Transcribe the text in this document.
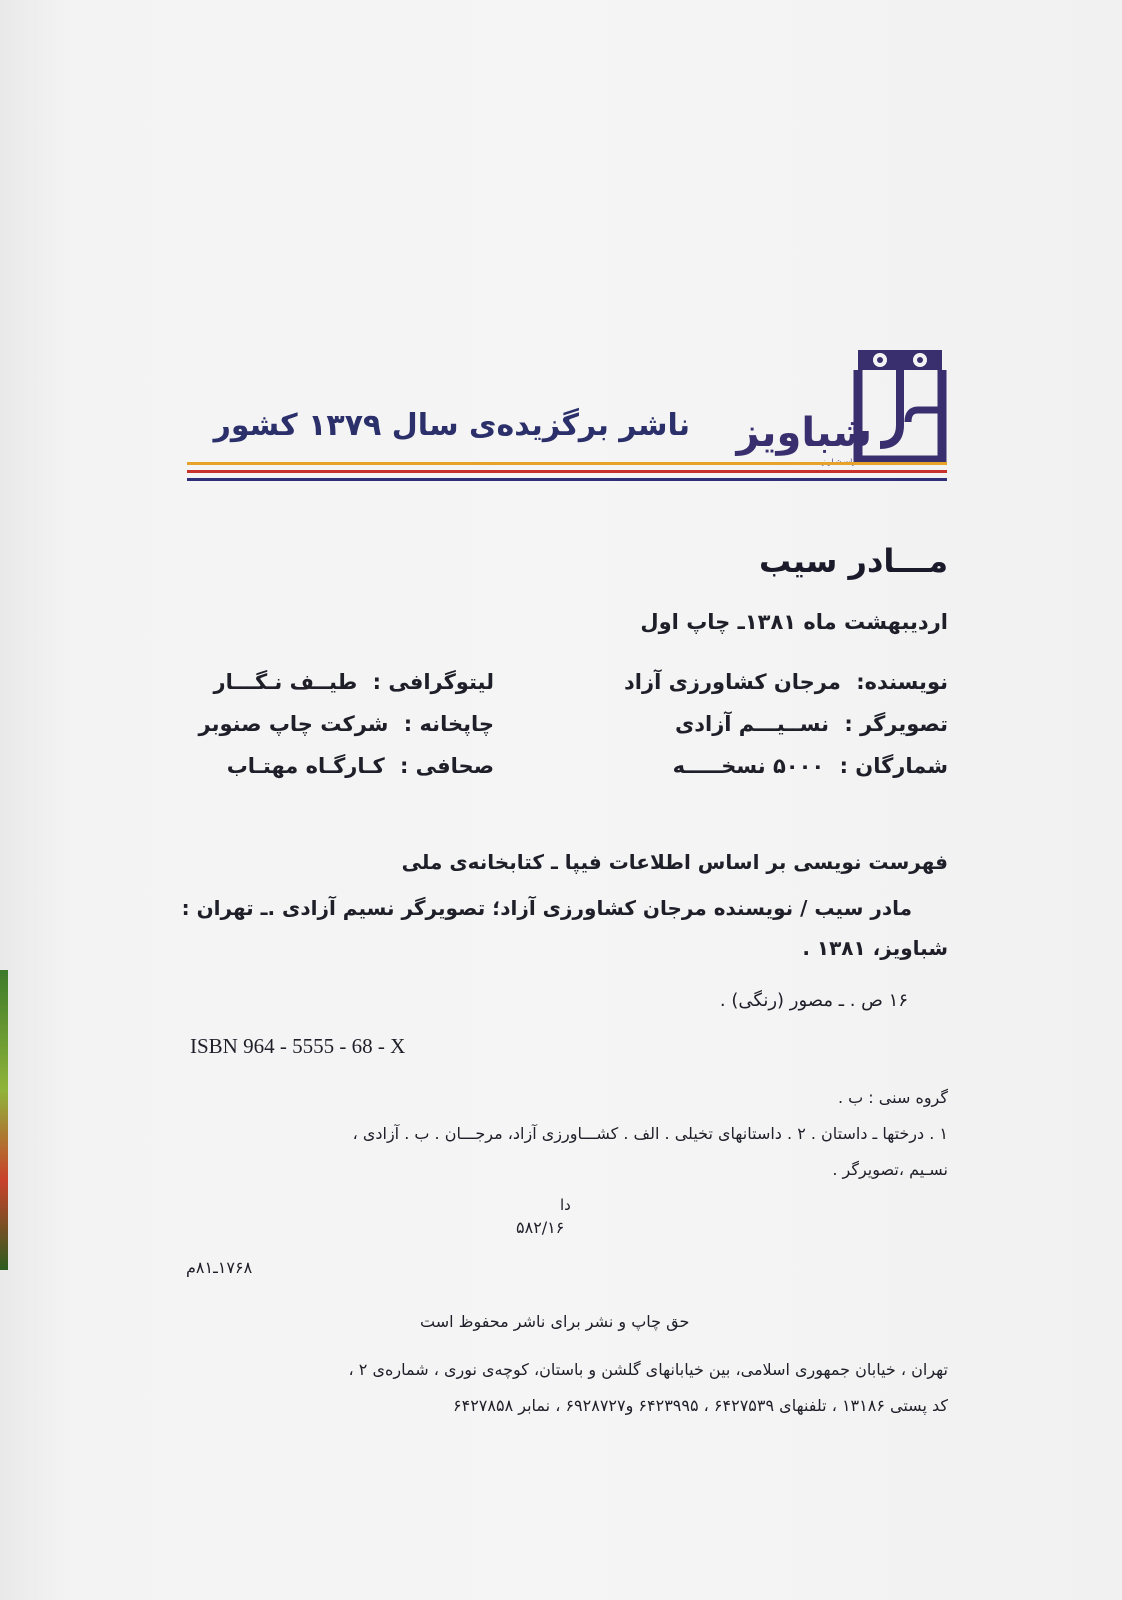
شباویز
ناشر برگزیده‌ی سال ۱۳۷۹ کشور
مـــادر سیب
اردیبهشت ماه ۱۳۸۱ـ چاپ اول
نویسنده: مرجان کشاورزی آزاد
تصویرگر : نســیـــم آزادی
شمارگان : ۵۰۰۰ نسخـــــه
لیتوگرافی : طیــف نـگـــار
چاپخانه : شرکت چاپ صنوبر
صحافی : کـارگـاه مهتـاب
فهرست نویسی بر اساس اطلاعات فیپا ـ کتابخانه‌ی ملی
مادر سیب / نویسنده مرجان کشاورزی آزاد؛ تصویرگر نسیم آزادی .ـ تهران :
شباویز، ۱۳۸۱ .
۱۶ ص . ـ مصور (رنگی) .
ISBN 964 - 5555 - 68 - X
گروه سنی : ب .
۱ . درختها ـ داستان . ۲ . داستانهای تخیلی . الف . کشـــاورزی آزاد، مرجـــان . ب . آزادی ،
نسـیم ،تصویرگر .
دا
۵۸۲/۱۶
۱۷۶۸ـ۸۱م
حق چاپ و نشر برای ناشر محفوظ است
تهران ، خیابان جمهوری اسلامی، بین خیابانهای گلشن و باستان، کوچه‌ی نوری ، شماره‌ی ۲ ،
کد پستی ۱۳۱۸۶ ، تلفنهای ۶۴۲۷۵۳۹ ، ۶۴۲۳۹۹۵ و۶۹۲۸۷۲۷ ، نمابر ۶۴۲۷۸۵۸
